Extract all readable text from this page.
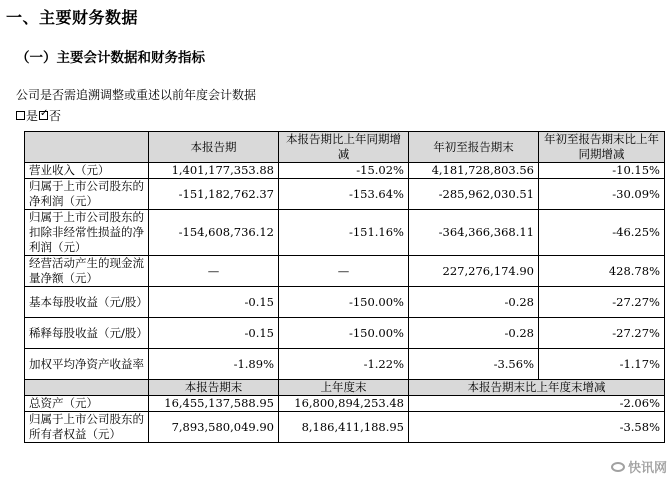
一、主要财务数据
（一）主要会计数据和财务指标
公司是否需追溯调整或重述以前年度会计数据
是 ✓ 否
	本报告期	本报告期比上年同期增减	年初至报告期末	年初至报告期末比上年同期增减
营业收入（元）	1,401,177,353.88	-15.02%	4,181,728,803.56	-10.15%
归属于上市公司股东的净利润（元）	-151,182,762.37	-153.64%	-285,962,030.51	-30.09%
归属于上市公司股东的扣除非经常性损益的净利润（元）	-154,608,736.12	-151.16%	-364,366,368.11	-46.25%
经营活动产生的现金流量净额（元）	—	—	227,276,174.90	428.78%
基本每股收益（元/股）	-0.15	-150.00%	-0.28	-27.27%
稀释每股收益（元/股）	-0.15	-150.00%	-0.28	-27.27%
加权平均净资产收益率	-1.89%	-1.22%	-3.56%	-1.17%
	本报告期末	上年度末	本报告期末比上年度末增减	
总资产（元）	16,455,137,588.95	16,800,894,253.48	-2.06%	
归属于上市公司股东的所有者权益（元）	7,893,580,049.90	8,186,411,188.95	-3.58%	
快讯网
